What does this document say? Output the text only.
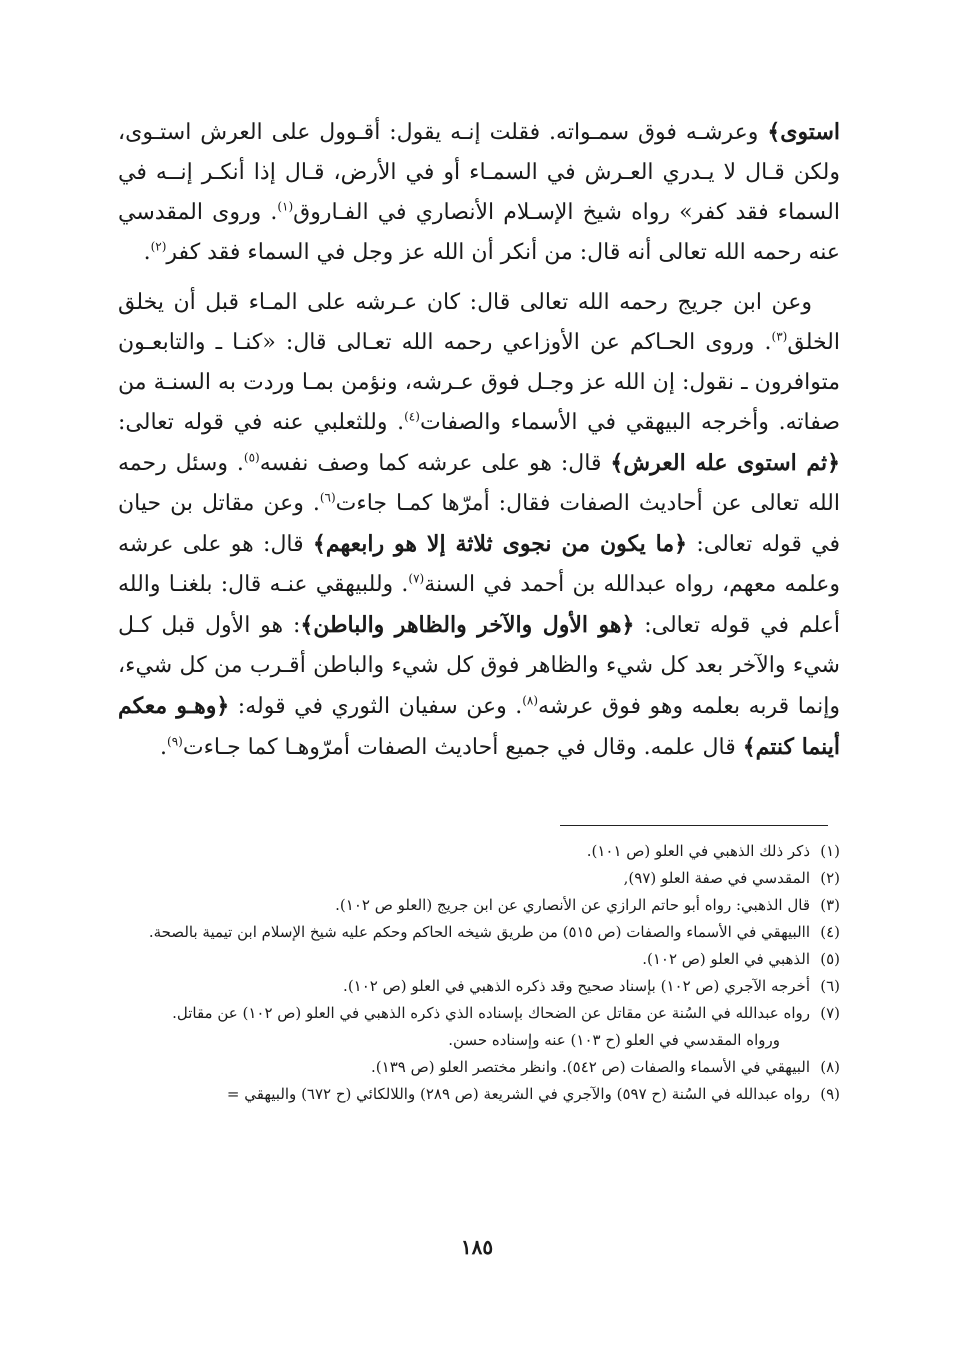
استوى﴾ وعرشـه فوق سمـواته. فقلت إنـه يقول: أقـوول على العرش استـوى، ولكن قـال لا يـدري العـرش في السمـاء أو في الأرض، قـال إذا أنكـر إنــه في السماء فقد كفر» رواه شيخ الإسـلام الأنصاري في الفـاروق$^{(١)}$. وروى المقدسي عنه رحمه الله تعالى أنه قال: من أنكر أن الله عز وجل في السماء فقد كفر$^{(٢)}$.

وعن ابن جريج رحمه الله تعالى قال: كان عـرشه على المـاء قبل أن يخلق الخلق$^{(٣)}$. وروى الحـاكم عن الأوزاعي رحمه الله تعـالى قال: «كنـا ـ والتابعـون متوافرون ـ نقول: إن الله عز وجـل فوق عـرشه، ونؤمن بمـا وردت به السنـة من صفاته. وأخرجه البيهقي في الأسماء والصفات$^{(٤)}$. وللثعلبي عنه في قوله تعالى: ﴿ثم استوى عله العرش﴾ قال: هو على عرشه كما وصف نفسه$^{(٥)}$. وسئل رحمه الله تعالى عن أحاديث الصفات فقال: أمرّها كمـا جاءت$^{(٦)}$. وعن مقاتل بن حيان في قوله تعالى: ﴿ما يكون من نجوى ثلاثة إلا هو رابعهم﴾ قال: هو على عرشه وعلمه معهم، رواه عبدالله بن أحمد في السنة$^{(٧)}$. وللبيهقي عنـه قال: بلغنـا والله أعلم في قوله تعالى: ﴿هو الأول والآخر والظاهر والباطن﴾: هو الأول قبل كـل شيء والآخر بعد كل شيء والظاهر فوق كل شيء والباطن أقـرب من كل شيء، وإنما قربه بعلمه وهو فوق عرشه$^{(٨)}$. وعن سفيان الثوري في قوله: ﴿وهـو معكم أينما كنتم﴾ قال علمه. وقال في جميع أحاديث الصفات أمرّوهـا كما جـاءت$^{(٩)}$.

(١)
ذكر ذلك الذهبي في العلو (ص ١٠١).
(٢)
المقدسي في صفة العلو (٩٧),
(٣)
قال الذهبي: رواه أبو حاتم الرازي عن الأنصاري عن ابن جريج (العلو ص ١٠٢).
(٤)
االبيهقي في الأسماء والصفات (ص ٥١٥) من طريق شيخه الحاكم وحكم عليه شيخ الإسلام ابن تيمية بالصحة.
(٥)
الذهبي في العلو (ص ١٠٢).
(٦)
أخرجه الآجري (ص ١٠٢) بإسناد صحيح وقد ذكره الذهبي في العلو (ص ١٠٢).
(٧)
رواه عبدالله في السُنة عن مقاتل عن الضحاك بإسناده الذي ذكره الذهبي في العلو (ص ١٠٢) عن مقاتل.
ورواه المقدسي في العلو (ح ١٠٣) عنه وإسناده حسن.
(٨)
البيهقي في الأسماء والصفات (ص ٥٤٢). وانظر مختصر العلو (ص ١٣٩).
(٩)
رواه عبدالله في السُنة (ح ٥٩٧) والآجري في الشريعة (ص ٢٨٩) واللالكائي (ح ٦٧٢) والبيهقي =
١٨٥
